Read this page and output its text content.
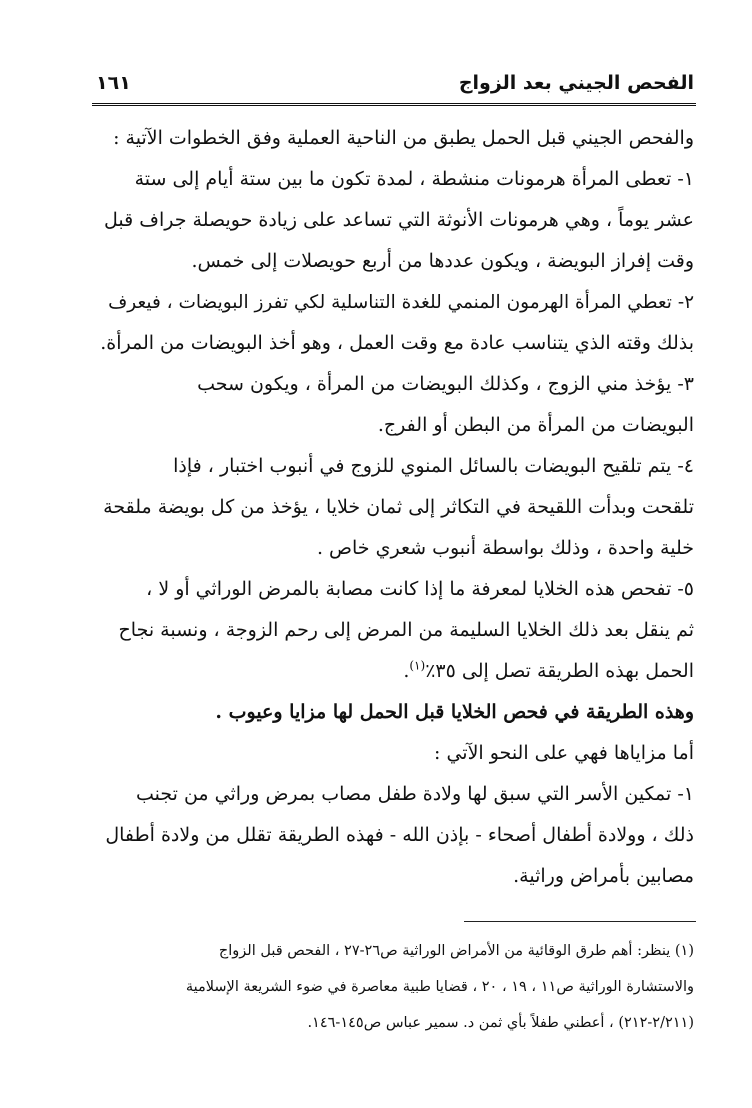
الفحص الجيني بعد الزواج
١٦١
والفحص الجيني قبل الحمل يطبق من الناحية العملية وفق الخطوات الآتية :
١- تعطى المرأة هرمونات منشطة ، لمدة تكون ما بين ستة أيام إلى ستة
عشر يوماً ، وهي هرمونات الأنوثة التي تساعد على زيادة حويصلة جراف قبل
وقت إفراز البويضة ، ويكون عددها من أربع حويصلات إلى خمس.
٢- تعطي المرأة الهرمون المنمي للغدة التناسلية لكي تفرز البويضات ، فيعرف
بذلك وقته الذي يتناسب عادة مع وقت العمل ، وهو أخذ البويضات من المرأة.
٣- يؤخذ مني الزوج ، وكذلك البويضات من المرأة ، ويكون سحب
البويضات من المرأة من البطن أو الفرج.
٤- يتم تلقيح البويضات بالسائل المنوي للزوج في أنبوب اختبار ، فإذا
تلقحت وبدأت اللقيحة في التكاثر إلى ثمان خلايا ، يؤخذ من كل بويضة ملقحة
خلية واحدة ، وذلك بواسطة أنبوب شعري خاص .
٥- تفحص هذه الخلايا لمعرفة ما إذا كانت مصابة بالمرض الوراثي أو لا ،
ثم ينقل بعد ذلك الخلايا السليمة من المرض إلى رحم الزوجة ، ونسبة نجاح
الحمل بهذه الطريقة تصل إلى ٣٥٪$^{(١)}$.
وهذه الطريقة في فحص الخلايا قبل الحمل لها مزايا وعيوب .
أما مزاياها فهي على النحو الآتي :
١- تمكين الأسر التي سبق لها ولادة طفل مصاب بمرض وراثي من تجنب
ذلك ، وولادة أطفال أصحاء - بإذن الله - فهذه الطريقة تقلل من ولادة أطفال
مصابين بأمراض وراثية.
(١) ينظر: أهم طرق الوقائية من الأمراض الوراثية ص٢٦-٢٧ ، الفحص قبل الزواج
والاستشارة الوراثية ص١١ ، ١٩ ، ٢٠ ، قضايا طبية معاصرة في ضوء الشريعة الإسلامية
(٢/٢١١-٢١٢) ، أعطني طفلاً بأي ثمن د. سمير عباس ص١٤٥-١٤٦.
